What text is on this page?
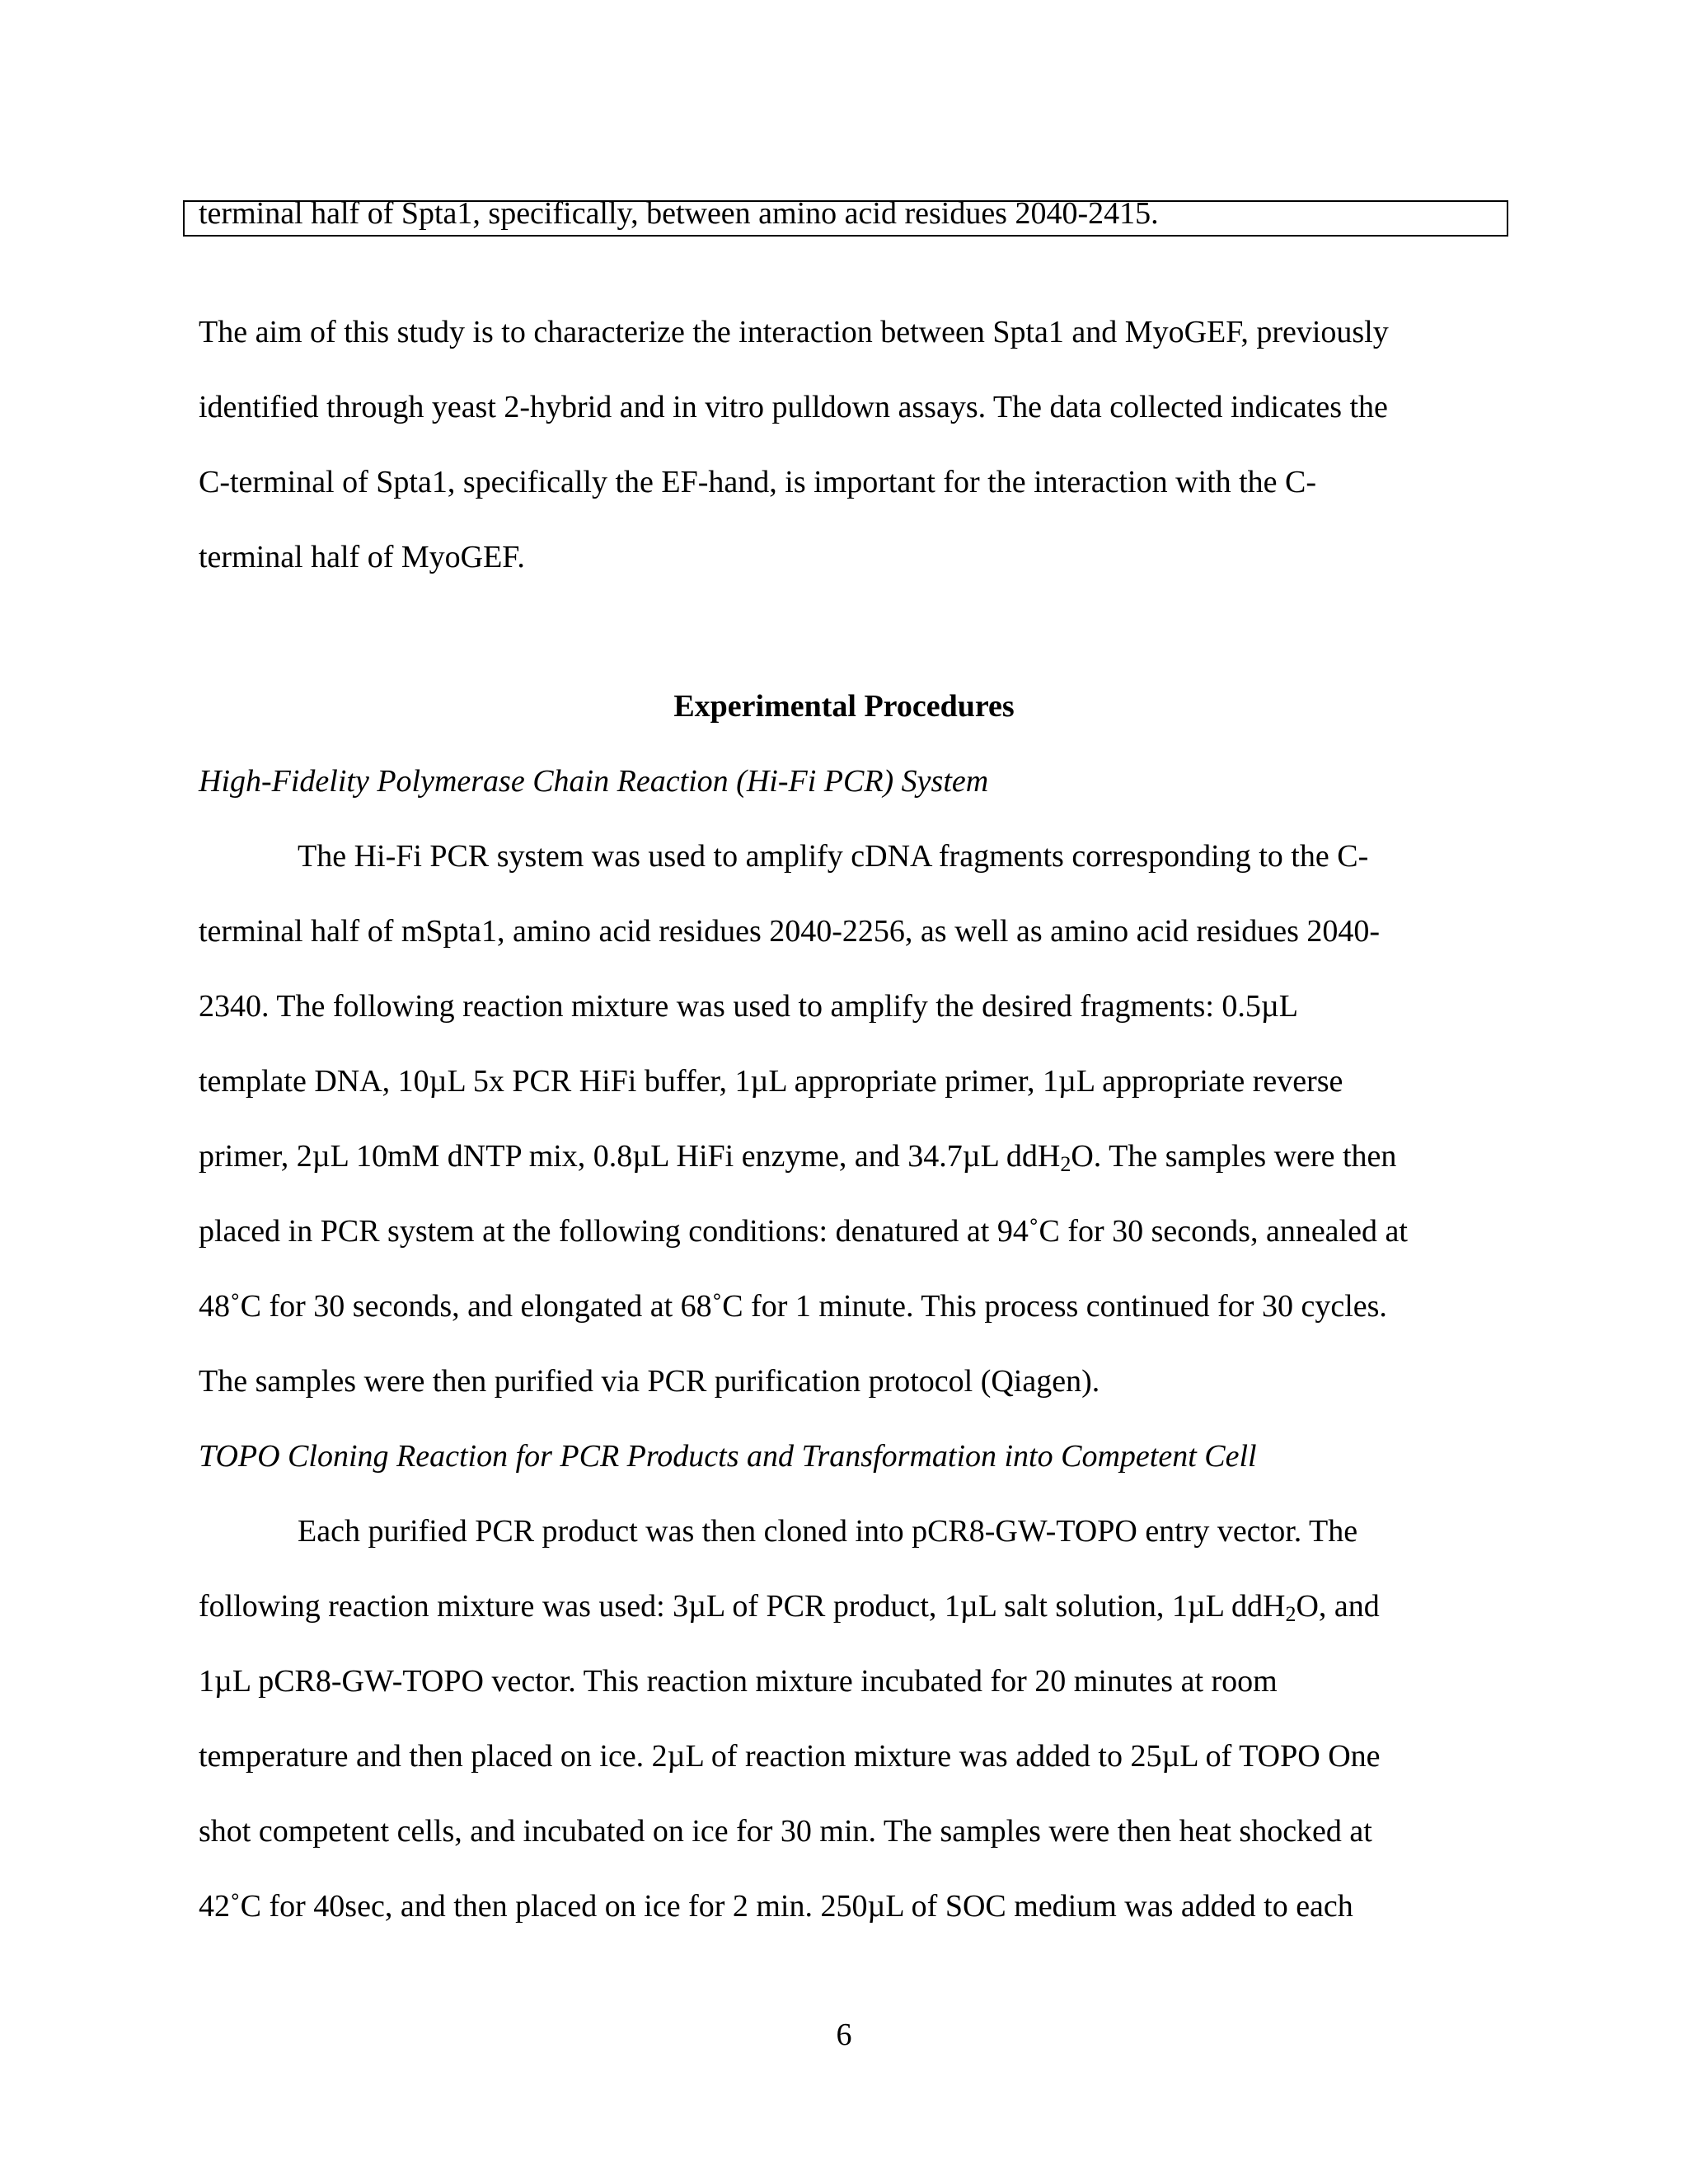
terminal half of Spta1, specifically, between amino acid residues 2040-2415.

The aim of this study is to characterize the interaction between Spta1 and MyoGEF, previously

identified through yeast 2-hybrid and in vitro pulldown assays. The data collected indicates the

C-terminal of Spta1, specifically the EF-hand, is important for the interaction with the C-

terminal half of MyoGEF.

Experimental Procedures

High-Fidelity Polymerase Chain Reaction (Hi-Fi PCR) System

The Hi-Fi PCR system was used to amplify cDNA fragments corresponding to the C-

terminal half of mSpta1, amino acid residues 2040-2256, as well as amino acid residues 2040-

2340. The following reaction mixture was used to amplify the desired fragments: 0.5µL

template DNA, 10µL 5x PCR HiFi buffer, 1µL appropriate primer, 1µL appropriate reverse

primer, 2µL 10mM dNTP mix, 0.8µL HiFi enzyme, and 34.7µL ddH$_2$O. The samples were then

placed in PCR system at the following conditions: denatured at 94˚C for 30 seconds, annealed at

48˚C for 30 seconds, and elongated at 68˚C for 1 minute. This process continued for 30 cycles.

The samples were then purified via PCR purification protocol (Qiagen).

TOPO Cloning Reaction for PCR Products and Transformation into Competent Cell

Each purified PCR product was then cloned into pCR8-GW-TOPO entry vector. The

following reaction mixture was used: 3µL of PCR product, 1µL salt solution, 1µL ddH$_2$O, and

1µL pCR8-GW-TOPO vector. This reaction mixture incubated for 20 minutes at room

temperature and then placed on ice. 2µL of reaction mixture was added to 25µL of TOPO One

shot competent cells, and incubated on ice for 30 min. The samples were then heat shocked at

42˚C for 40sec, and then placed on ice for 2 min. 250µL of SOC medium was added to each

6
